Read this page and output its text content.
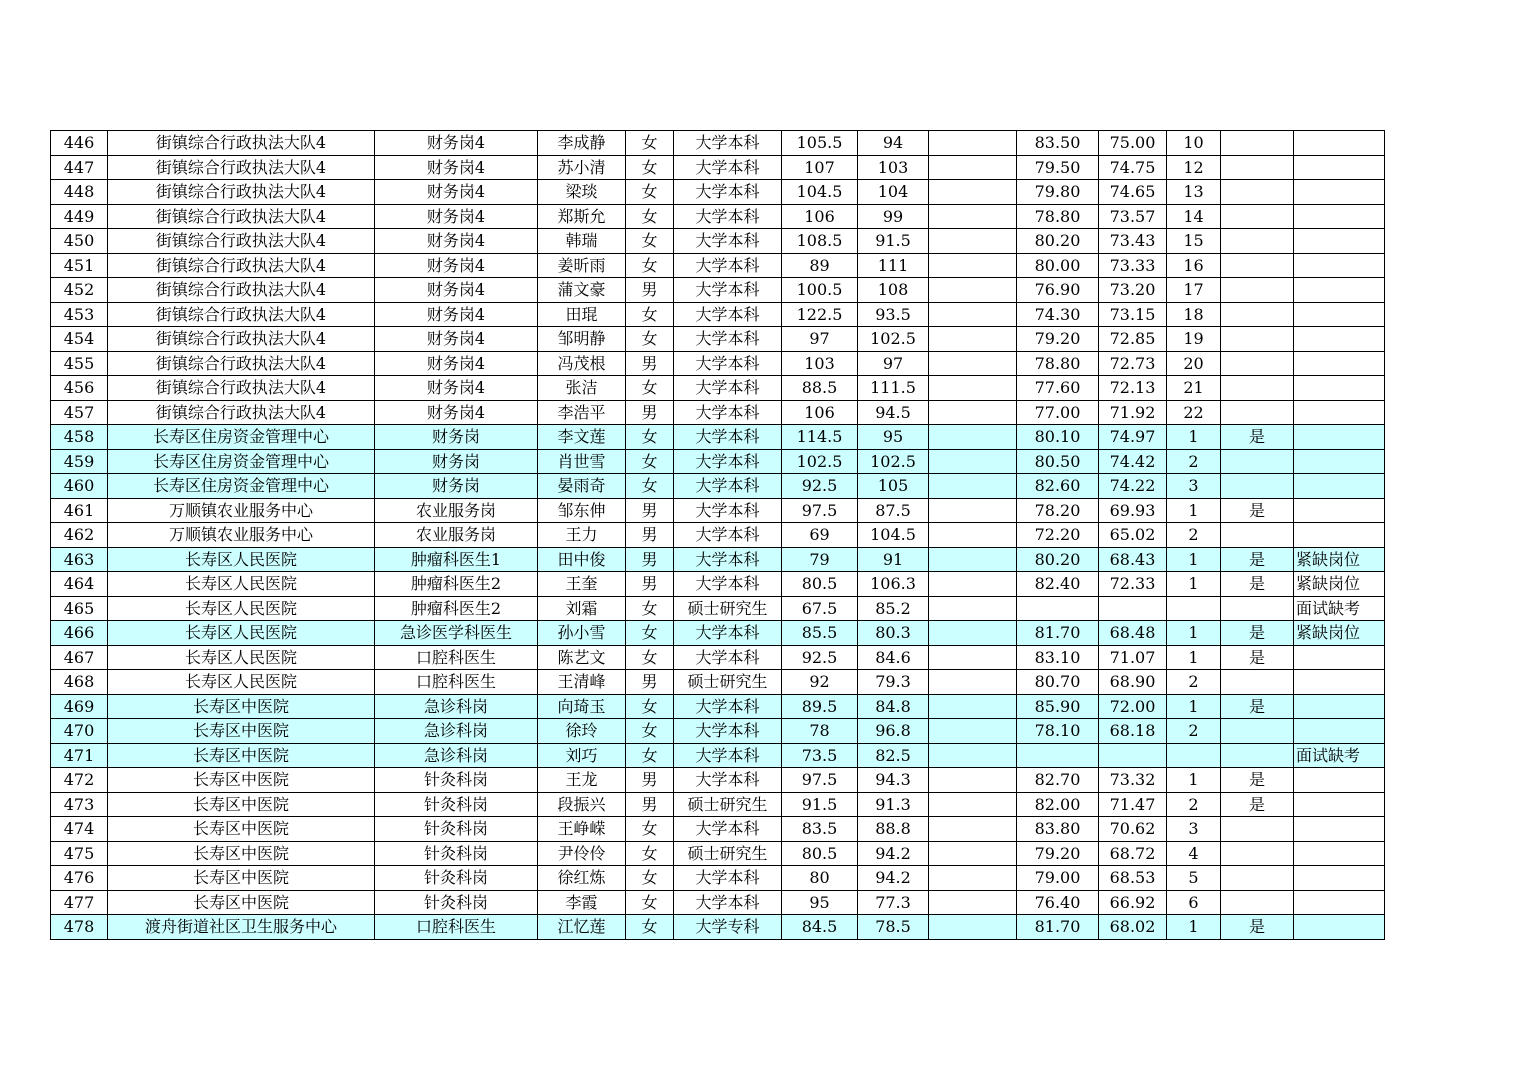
446	街镇综合行政执法大队4	财务岗4	李成静	女	大学本科	105.5	94		83.50	75.00	10		
447	街镇综合行政执法大队4	财务岗4	苏小清	女	大学本科	107	103		79.50	74.75	12		
448	街镇综合行政执法大队4	财务岗4	梁琰	女	大学本科	104.5	104		79.80	74.65	13		
449	街镇综合行政执法大队4	财务岗4	郑斯允	女	大学本科	106	99		78.80	73.57	14		
450	街镇综合行政执法大队4	财务岗4	韩瑞	女	大学本科	108.5	91.5		80.20	73.43	15		
451	街镇综合行政执法大队4	财务岗4	姜昕雨	女	大学本科	89	111		80.00	73.33	16		
452	街镇综合行政执法大队4	财务岗4	蒲文豪	男	大学本科	100.5	108		76.90	73.20	17		
453	街镇综合行政执法大队4	财务岗4	田琨	女	大学本科	122.5	93.5		74.30	73.15	18		
454	街镇综合行政执法大队4	财务岗4	邹明静	女	大学本科	97	102.5		79.20	72.85	19		
455	街镇综合行政执法大队4	财务岗4	冯茂根	男	大学本科	103	97		78.80	72.73	20		
456	街镇综合行政执法大队4	财务岗4	张洁	女	大学本科	88.5	111.5		77.60	72.13	21		
457	街镇综合行政执法大队4	财务岗4	李浩平	男	大学本科	106	94.5		77.00	71.92	22		
458	长寿区住房资金管理中心	财务岗	李文莲	女	大学本科	114.5	95		80.10	74.97	1	是	
459	长寿区住房资金管理中心	财务岗	肖世雪	女	大学本科	102.5	102.5		80.50	74.42	2		
460	长寿区住房资金管理中心	财务岗	晏雨奇	女	大学本科	92.5	105		82.60	74.22	3		
461	万顺镇农业服务中心	农业服务岗	邹东伸	男	大学本科	97.5	87.5		78.20	69.93	1	是	
462	万顺镇农业服务中心	农业服务岗	王力	男	大学本科	69	104.5		72.20	65.02	2		
463	长寿区人民医院	肿瘤科医生1	田中俊	男	大学本科	79	91		80.20	68.43	1	是	紧缺岗位
464	长寿区人民医院	肿瘤科医生2	王奎	男	大学本科	80.5	106.3		82.40	72.33	1	是	紧缺岗位
465	长寿区人民医院	肿瘤科医生2	刘霜	女	硕士研究生	67.5	85.2						面试缺考
466	长寿区人民医院	急诊医学科医生	孙小雪	女	大学本科	85.5	80.3		81.70	68.48	1	是	紧缺岗位
467	长寿区人民医院	口腔科医生	陈艺文	女	大学本科	92.5	84.6		83.10	71.07	1	是	
468	长寿区人民医院	口腔科医生	王清峰	男	硕士研究生	92	79.3		80.70	68.90	2		
469	长寿区中医院	急诊科岗	向琦玉	女	大学本科	89.5	84.8		85.90	72.00	1	是	
470	长寿区中医院	急诊科岗	徐玲	女	大学本科	78	96.8		78.10	68.18	2		
471	长寿区中医院	急诊科岗	刘巧	女	大学本科	73.5	82.5						面试缺考
472	长寿区中医院	针灸科岗	王龙	男	大学本科	97.5	94.3		82.70	73.32	1	是	
473	长寿区中医院	针灸科岗	段振兴	男	硕士研究生	91.5	91.3		82.00	71.47	2	是	
474	长寿区中医院	针灸科岗	王峥嵘	女	大学本科	83.5	88.8		83.80	70.62	3		
475	长寿区中医院	针灸科岗	尹伶伶	女	硕士研究生	80.5	94.2		79.20	68.72	4		
476	长寿区中医院	针灸科岗	徐红炼	女	大学本科	80	94.2		79.00	68.53	5		
477	长寿区中医院	针灸科岗	李霞	女	大学本科	95	77.3		76.40	66.92	6		
478	渡舟街道社区卫生服务中心	口腔科医生	江忆莲	女	大学专科	84.5	78.5		81.70	68.02	1	是	
